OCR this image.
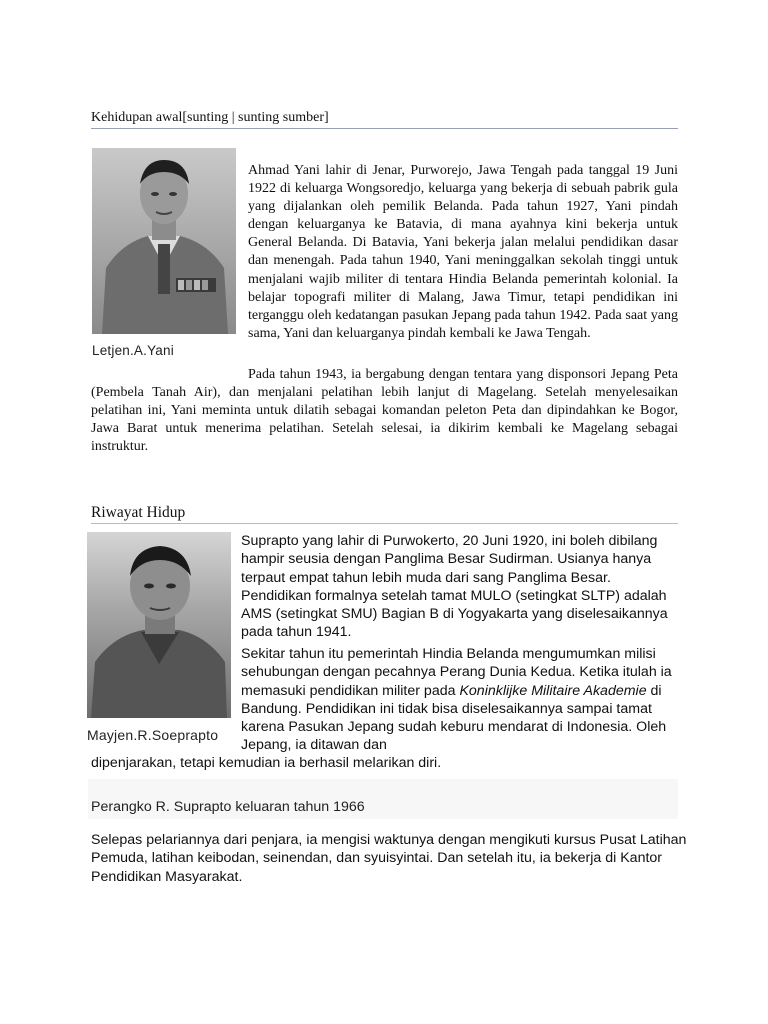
Kehidupan awal[sunting | sunting sumber]
Letjen.A.Yani

Ahmad Yani lahir di Jenar, Purworejo, Jawa Tengah pada tanggal 19 Juni 1922 di keluarga Wongsoredjo, keluarga yang bekerja di sebuah pabrik gula yang dijalankan oleh pemilik Belanda. Pada tahun 1927, Yani pindah dengan keluarganya ke Batavia, di mana ayahnya kini bekerja untuk General Belanda. Di Batavia, Yani bekerja jalan melalui pendidikan dasar dan menengah. Pada tahun 1940, Yani meninggalkan sekolah tinggi untuk menjalani wajib militer di tentara Hindia Belanda pemerintah kolonial. Ia belajar topografi militer di Malang, Jawa Timur, tetapi pendidikan ini terganggu oleh kedatangan pasukan Jepang pada tahun 1942. Pada saat yang sama, Yani dan keluarganya pindah kembali ke Jawa Tengah.

Pada tahun 1943, ia bergabung dengan tentara yang disponsori Jepang Peta (Pembela Tanah Air), dan menjalani pelatihan lebih lanjut di Magelang. Setelah menyelesaikan pelatihan ini, Yani meminta untuk dilatih sebagai komandan peleton Peta dan dipindahkan ke Bogor, Jawa Barat untuk menerima pelatihan. Setelah selesai, ia dikirim kembali ke Magelang sebagai instruktur.

Riwayat Hidup
Mayjen.R.Soeprapto

Suprapto yang lahir di Purwokerto, 20 Juni 1920, ini boleh dibilang hampir seusia dengan Panglima Besar Sudirman. Usianya hanya terpaut empat tahun lebih muda dari sang Panglima Besar. Pendidikan formalnya setelah tamat MULO (setingkat SLTP) adalah AMS (setingkat SMU) Bagian B di Yogyakarta yang diselesaikannya pada tahun 1941.

Sekitar tahun itu pemerintah Hindia Belanda mengumumkan milisi sehubungan dengan pecahnya Perang Dunia Kedua. Ketika itulah ia memasuki pendidikan militer pada Koninklijke Militaire Akademie di Bandung. Pendidikan ini tidak bisa diselesaikannya sampai tamat karena Pasukan Jepang sudah keburu mendarat di Indonesia. Oleh Jepang, ia ditawan dan

dipenjarakan, tetapi kemudian ia berhasil melarikan diri.

Perangko R. Suprapto keluaran tahun 1966

Selepas pelariannya dari penjara, ia mengisi waktunya dengan mengikuti kursus Pusat Latihan Pemuda, latihan keibodan, seinendan, dan syuisyintai. Dan setelah itu, ia bekerja di Kantor Pendidikan Masyarakat.
